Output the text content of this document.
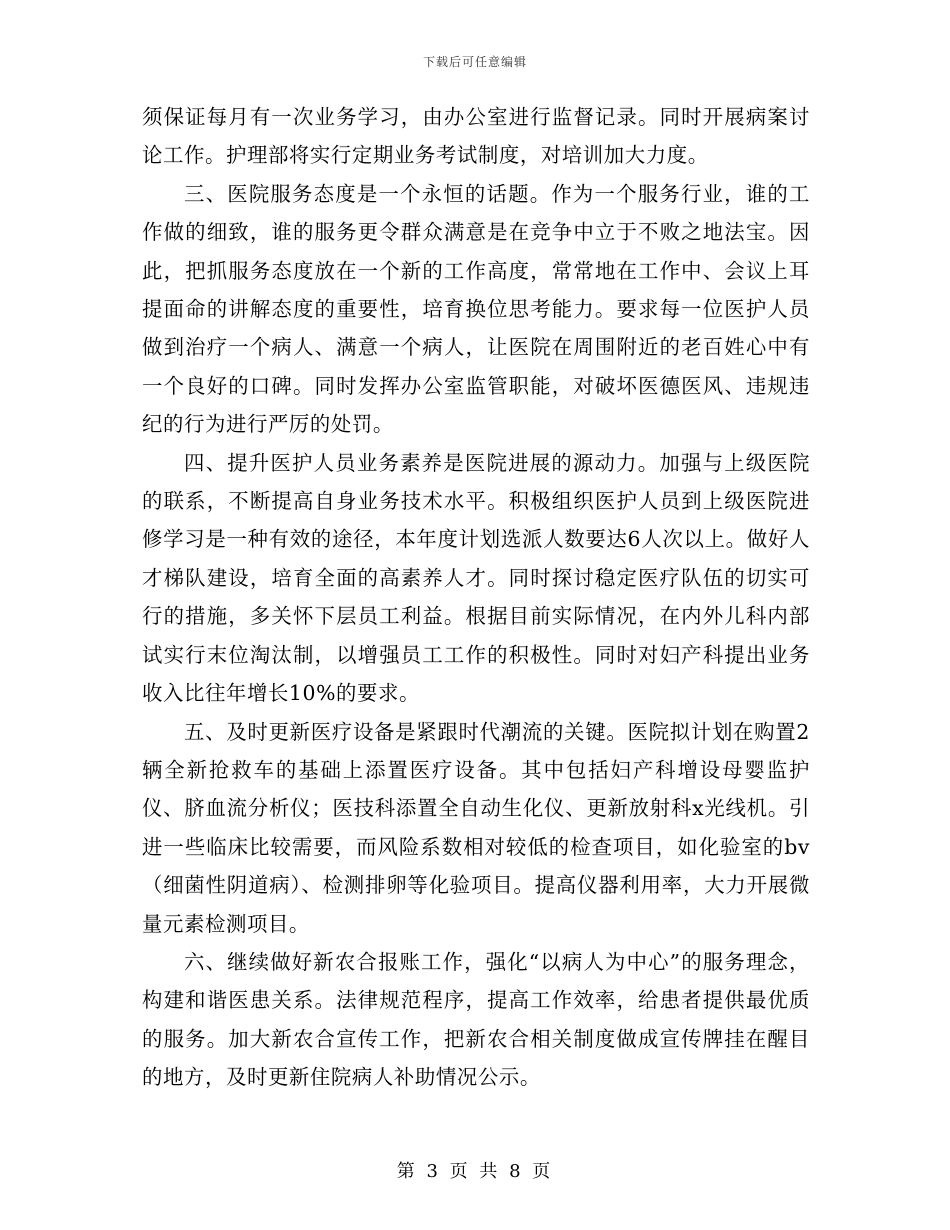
下载后可任意编辑

须保证每月有一次业务学习，由办公室进行监督记录。同时开展病案讨论工作。护理部将实行定期业务考试制度，对培训加大力度。

三、医院服务态度是一个永恒的话题。作为一个服务行业，谁的工作做的细致，谁的服务更令群众满意是在竞争中立于不败之地法宝。因此，把抓服务态度放在一个新的工作高度，常常地在工作中、会议上耳提面命的讲解态度的重要性，培育换位思考能力。要求每一位医护人员做到治疗一个病人、满意一个病人，让医院在周围附近的老百姓心中有一个良好的口碑。同时发挥办公室监管职能，对破坏医德医风、违规违纪的行为进行严厉的处罚。

四、提升医护人员业务素养是医院进展的源动力。加强与上级医院的联系，不断提高自身业务技术水平。积极组织医护人员到上级医院进修学习是一种有效的途径，本年度计划选派人数要达6人次以上。做好人才梯队建设，培育全面的高素养人才。同时探讨稳定医疗队伍的切实可行的措施，多关怀下层员工利益。根据目前实际情况，在内外儿科内部试实行末位淘汰制，以增强员工工作的积极性。同时对妇产科提出业务收入比往年增长10%的要求。

五、及时更新医疗设备是紧跟时代潮流的关键。医院拟计划在购置2辆全新抢救车的基础上添置医疗设备。其中包括妇产科增设母婴监护仪、脐血流分析仪；医技科添置全自动生化仪、更新放射科x光线机。引进一些临床比较需要，而风险系数相对较低的检查项目，如化验室的bv（细菌性阴道病）、检测排卵等化验项目。提高仪器利用率，大力开展微量元素检测项目。

六、继续做好新农合报账工作，强化“以病人为中心”的服务理念，构建和谐医患关系。法律规范程序，提高工作效率，给患者提供最优质的服务。加大新农合宣传工作，把新农合相关制度做成宣传牌挂在醒目的地方，及时更新住院病人补助情况公示。

第 3 页 共 8 页
